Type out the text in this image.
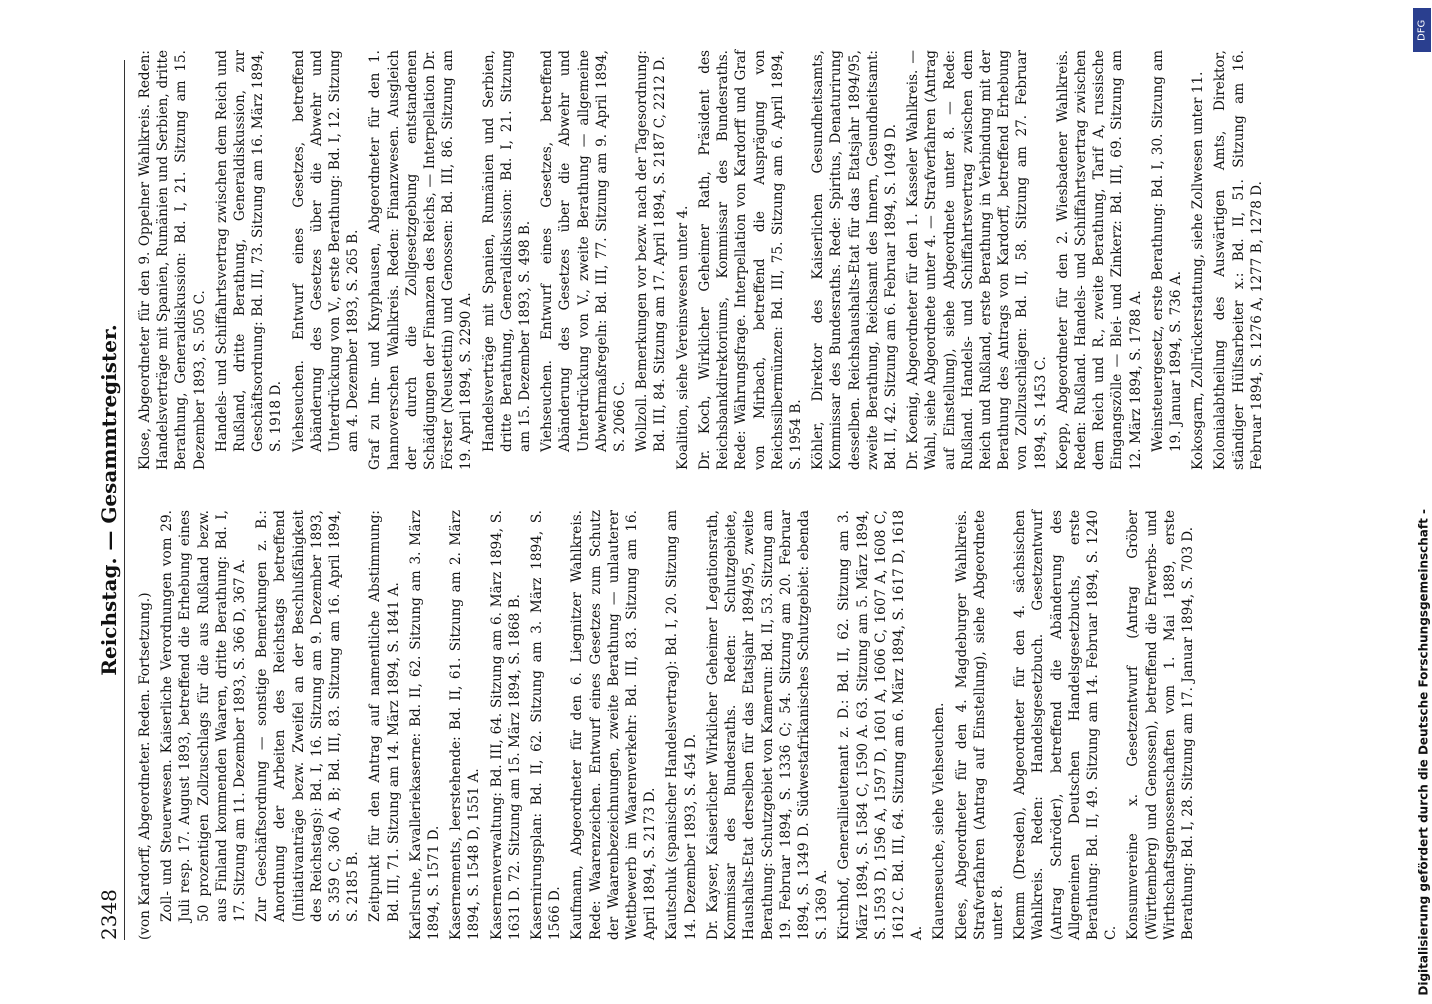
2348
Reichstag. — Gesammtregister.

(von Kardorff, Abgeordneter. Reden. Fortsetzung.) Zoll- und Steuerwesen. Kaiserliche Verordnungen vom 29. Juli resp. 17. August 1893, betreffend die Erhebung eines 50 prozentigen Zollzuschlags für die aus Rußland bezw. aus Finland kommenden Waaren, dritte Berathung: Bd. I, 17. Sitzung am 11. Dezember 1893, S. 366 D, 367 A. Zur Geschäftsordnung — sonstige Bemerkungen z. B.: Anordnung der Arbeiten des Reichstags betreffend (Initiativanträge bezw. Zweifel an der Beschlußfähigkeit des Reichstags): Bd. I, 16. Sitzung am 9. Dezember 1893, S. 359 C, 360 A, B; Bd. III, 83. Sitzung am 16. April 1894, S. 2185 B. Zeitpunkt für den Antrag auf namentliche Abstimmung: Bd. III, 71. Sitzung am 14. März 1894, S. 1841 A. Karlsruhe, Kavalleriekaserne: Bd. II, 62. Sitzung am 3. März 1894, S. 1571 D. Kasernements, leerstehende: Bd. II, 61. Sitzung am 2. März 1894, S. 1548 D, 1551 A. Kasernenverwaltung: Bd. III, 64. Sitzung am 6. März 1894, S. 1631 D. 72. Sitzung am 15. März 1894, S. 1868 B. Kasernirungsplan: Bd. II, 62. Sitzung am 3. März 1894, S. 1566 D. Kaufmann, Abgeordneter für den 6. Liegnitzer Wahlkreis. Rede: Waarenzeichen. Entwurf eines Gesetzes zum Schutz der Waarenbezeichnungen, zweite Berathung — unlauterer Wettbewerb im Waarenverkehr: Bd. III, 83. Sitzung am 16. April 1894, S. 2173 D. Kautschuk (spanischer Handelsvertrag): Bd. I, 20. Sitzung am 14. Dezember 1893, S. 454 D. Dr. Kayser, Kaiserlicher Wirklicher Geheimer Legationsrath, Kommissar des Bundesraths. Reden: Schutzgebiete, Haushalts-Etat derselben für das Etatsjahr 1894/95, zweite Berathung: Schutzgebiet von Kamerun: Bd. II, 53. Sitzung am 19. Februar 1894, S. 1336 C; 54. Sitzung am 20. Februar 1894, S. 1349 D. Südwestafrikanisches Schutzgebiet: ebenda S. 1369 A. Kirchhof, Generallieutenant z. D.: Bd. II, 62. Sitzung am 3. März 1894, S. 1584 C, 1590 A. 63. Sitzung am 5. März 1894, S. 1593 D, 1596 A, 1597 D, 1601 A, 1606 C, 1607 A, 1608 C, 1612 C. Bd. III, 64. Sitzung am 6. März 1894, S. 1617 D, 1618 A. Klauenseuche, siehe Viehseuchen. Klees, Abgeordneter für den 4. Magdeburger Wahlkreis. Strafverfahren (Antrag auf Einstellung), siehe Abgeordnete unter 8. Klemm (Dresden), Abgeordneter für den 4. sächsischen Wahlkreis. Reden: Handelsgesetzbuch. Gesetzentwurf (Antrag Schröder), betreffend die Abänderung des Allgemeinen Deutschen Handelsgesetzbuchs, erste Berathung: Bd. II, 49. Sitzung am 14. Februar 1894, S. 1240 C. Konsumvereine x. Gesetzentwurf (Antrag Gröber (Württemberg) und Genossen), betreffend die Erwerbs- und Wirthschaftsgenossenschaften vom 1. Mai 1889, erste Berathung: Bd. I, 28. Sitzung am 17. Januar 1894, S. 703 D.

Klose, Abgeordneter für den 9. Oppelner Wahlkreis. Reden: Handelsverträge mit Spanien, Rumänien und Serbien, dritte Berathung, Generaldiskussion: Bd. I, 21. Sitzung am 15. Dezember 1893, S. 505 C. Handels- und Schiffahrtsvertrag zwischen dem Reich und Rußland, dritte Berathung, Generaldiskussion, zur Geschäftsordnung: Bd. III, 73. Sitzung am 16. März 1894, S. 1918 D. Viehseuchen. Entwurf eines Gesetzes, betreffend Abänderung des Gesetzes über die Abwehr und Unterdrückung von V., erste Berathung: Bd. I, 12. Sitzung am 4. Dezember 1893, S. 265 B. Graf zu Inn- und Knyphausen, Abgeordneter für den 1. hannoverschen Wahlkreis. Reden: Finanzwesen. Ausgleich der durch die Zollgesetzgebung entstandenen Schädigungen der Finanzen des Reichs, — Interpellation Dr. Förster (Neustettin) und Genossen: Bd. III, 86. Sitzung am 19. April 1894, S. 2290 A. Handelsverträge mit Spanien, Rumänien und Serbien, dritte Berathung, Generaldiskussion: Bd. I, 21. Sitzung am 15. Dezember 1893, S. 498 B. Viehseuchen. Entwurf eines Gesetzes, betreffend Abänderung des Gesetzes über die Abwehr und Unterdrückung von V., zweite Berathung — allgemeine Abwehrmaßregeln: Bd. III, 77. Sitzung am 9. April 1894, S. 2066 C. Wollzoll. Bemerkungen vor bezw. nach der Tagesordnung: Bd. III, 84. Sitzung am 17. April 1894, S. 2187 C, 2212 D. Koalition, siehe Vereinswesen unter 4. Dr. Koch, Wirklicher Geheimer Rath, Präsident des Reichsbankdirektoriums, Kommissar des Bundesraths. Rede: Währungsfrage. Interpellation von Kardorff und Graf von Mirbach, betreffend die Ausprägung von Reichssilbermünzen: Bd. III, 75. Sitzung am 6. April 1894, S. 1954 B. Köhler, Direktor des Kaiserlichen Gesundheitsamts, Kommissar des Bundesraths. Rede: Spiritus, Denaturirung desselben. Reichshaushalts-Etat für das Etatsjahr 1894/95, zweite Berathung, Reichsamt des Innern, Gesundheitsamt: Bd. II, 42. Sitzung am 6. Februar 1894, S. 1049 D. Dr. Koenig, Abgeordneter für den 1. Kasseler Wahlkreis. — Wahl, siehe Abgeordnete unter 4. — Strafverfahren (Antrag auf Einstellung), siehe Abgeordnete unter 8. — Rede: Rußland. Handels- und Schiffahrtsvertrag zwischen dem Reich und Rußland, erste Berathung in Verbindung mit der Berathung des Antrags von Kardorff, betreffend Erhebung von Zollzuschlägen: Bd. II, 58. Sitzung am 27. Februar 1894, S. 1453 C. Koepp, Abgeordneter für den 2. Wiesbadener Wahlkreis. Reden: Rußland. Handels- und Schiffahrtsvertrag zwischen dem Reich und R., zweite Berathung, Tarif A, russische Eingangszölle — Blei- und Zinkerz: Bd. III, 69. Sitzung am 12. März 1894, S. 1788 A. Weinsteuergesetz, erste Berathung: Bd. I, 30. Sitzung am 19. Januar 1894, S. 736 A. Kokosgarn, Zollrückerstattung, siehe Zollwesen unter 11. Kolonialabtheilung des Auswärtigen Amts, Direktor, ständiger Hülfsarbeiter x.: Bd. II, 51. Sitzung am 16. Februar 1894, S. 1276 A, 1277 B, 1278 D.

DFG
Digitalisierung gefördert durch die Deutsche Forschungsgemeinschaft -
